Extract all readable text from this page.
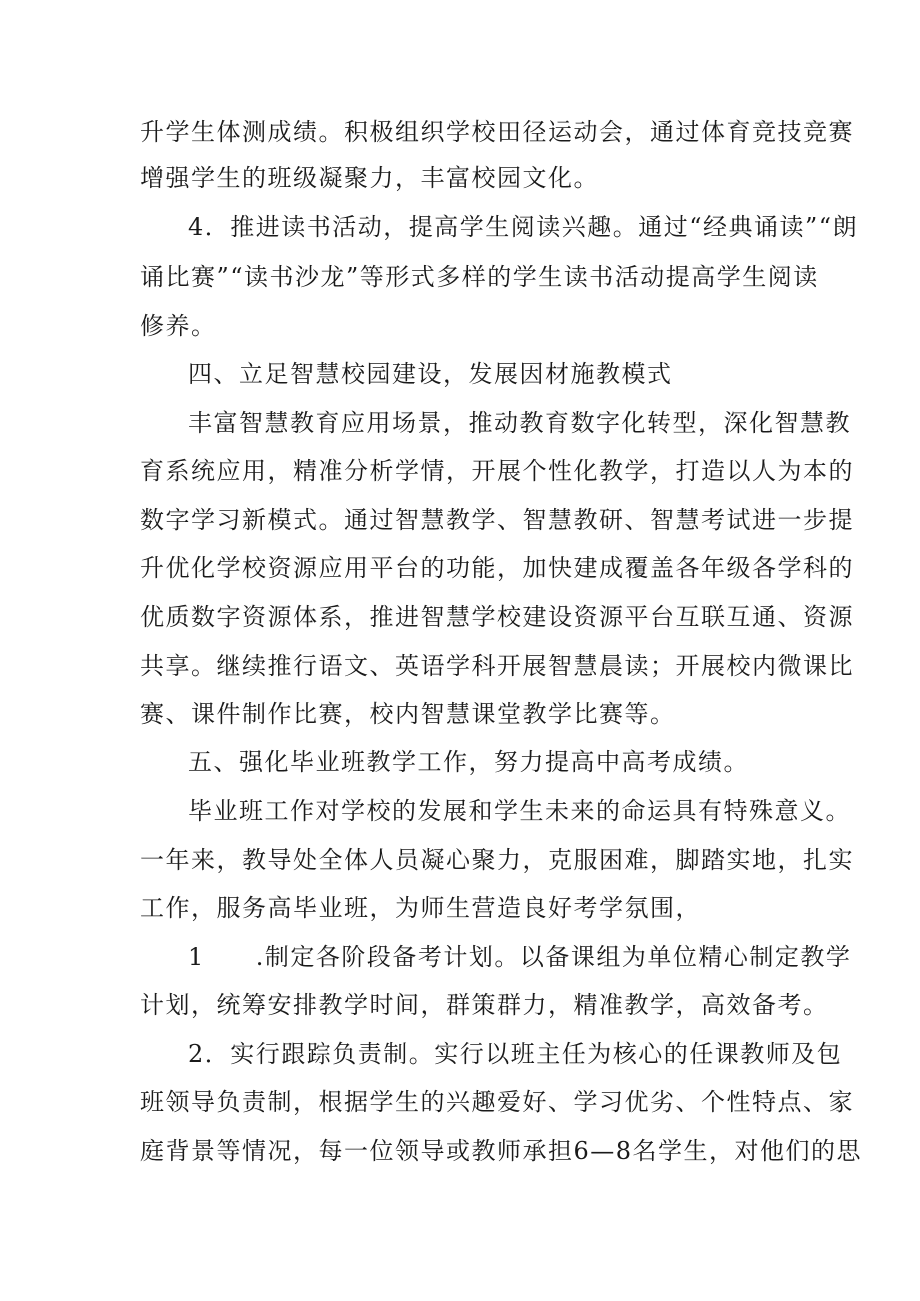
升学生体测成绩。积极组织学校田径运动会，通过体育竞技竞赛
增强学生的班级凝聚力，丰富校园文化。
4．推进读书活动，提高学生阅读兴趣。通过“经典诵读”“朗
诵比赛”“读书沙龙”等形式多样的学生读书活动提高学生阅读
修养。
四、立足智慧校园建设，发展因材施教模式
丰富智慧教育应用场景，推动教育数字化转型，深化智慧教
育系统应用，精准分析学情，开展个性化教学，打造以人为本的
数字学习新模式。通过智慧教学、智慧教研、智慧考试进一步提
升优化学校资源应用平台的功能，加快建成覆盖各年级各学科的
优质数字资源体系，推进智慧学校建设资源平台互联互通、资源
共享。继续推行语文、英语学科开展智慧晨读；开展校内微课比
赛、课件制作比赛，校内智慧课堂教学比赛等。
五、强化毕业班教学工作，努力提高中高考成绩。
毕业班工作对学校的发展和学生未来的命运具有特殊意义。
一年来，教导处全体人员凝心聚力，克服困难，脚踏实地，扎实
工作，服务高毕业班，为师生营造良好考学氛围，
1　　.制定各阶段备考计划。以备课组为单位精心制定教学
计划，统筹安排教学时间，群策群力，精准教学，高效备考。
2．实行跟踪负责制。实行以班主任为核心的任课教师及包
班领导负责制，根据学生的兴趣爱好、学习优劣、个性特点、家
庭背景等情况，每一位领导或教师承担6—8名学生，对他们的思
